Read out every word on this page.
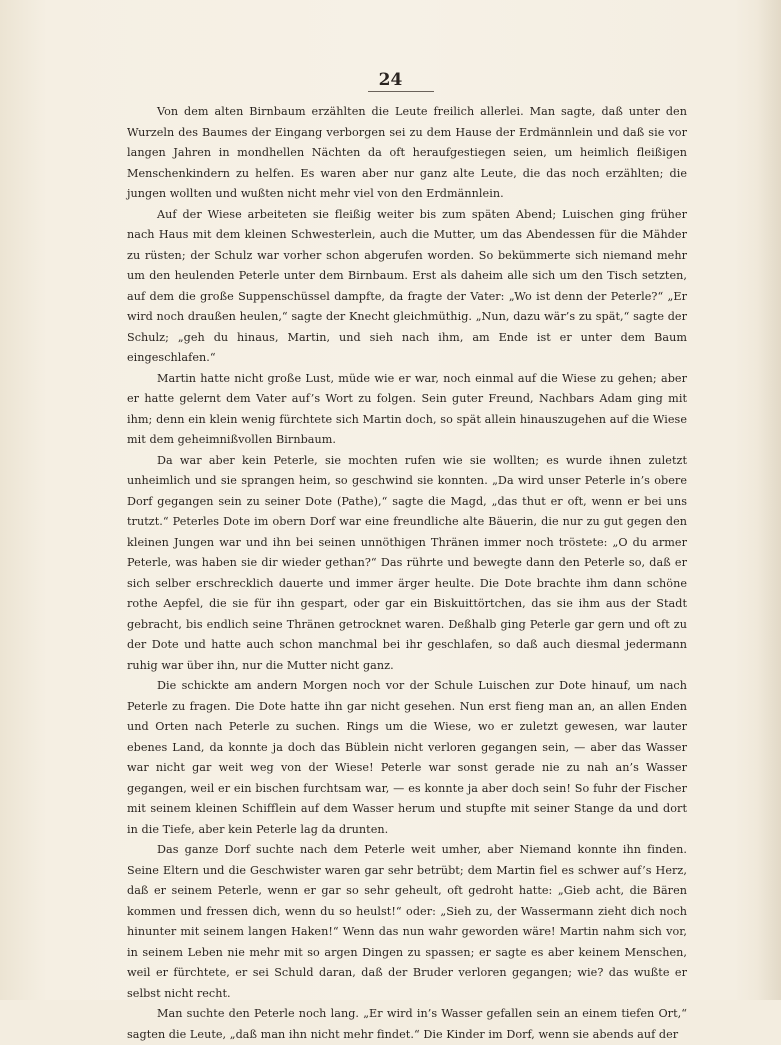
24

Von dem alten Birnbaum erzählten die Leute freilich allerlei. Man sagte, daß unter den Wurzeln des Baumes der Eingang verborgen sei zu dem Hause der Erdmännlein und daß sie vor langen Jahren in mondhellen Nächten da oft heraufgestiegen seien, um heimlich fleißigen Menschenkindern zu helfen. Es waren aber nur ganz alte Leute, die das noch erzählten; die jungen wollten und wußten nicht mehr viel von den Erdmännlein.

Auf der Wiese arbeiteten sie fleißig weiter bis zum späten Abend; Luischen ging früher nach Haus mit dem kleinen Schwesterlein, auch die Mutter, um das Abendessen für die Mähder zu rüsten; der Schulz war vorher schon abgerufen worden. So bekümmerte sich niemand mehr um den heulenden Peterle unter dem Birnbaum. Erst als daheim alle sich um den Tisch setzten, auf dem die große Suppenschüssel dampfte, da fragte der Vater: „Wo ist denn der Peterle?“ „Er wird noch draußen heulen,“ sagte der Knecht gleichmüthig. „Nun, dazu wär’s zu spät,“ sagte der Schulz; „geh du hinaus, Martin, und sieh nach ihm, am Ende ist er unter dem Baum eingeschlafen.“

Martin hatte nicht große Lust, müde wie er war, noch einmal auf die Wiese zu gehen; aber er hatte gelernt dem Vater auf’s Wort zu folgen. Sein guter Freund, Nachbars Adam ging mit ihm; denn ein klein wenig fürchtete sich Martin doch, so spät allein hinauszugehen auf die Wiese mit dem geheimnißvollen Birnbaum.

Da war aber kein Peterle, sie mochten rufen wie sie wollten; es wurde ihnen zuletzt unheimlich und sie sprangen heim, so geschwind sie konnten. „Da wird unser Peterle in’s obere Dorf gegangen sein zu seiner Dote (Pathe),“ sagte die Magd, „das thut er oft, wenn er bei uns trutzt.“ Peterles Dote im obern Dorf war eine freundliche alte Bäuerin, die nur zu gut gegen den kleinen Jungen war und ihn bei seinen unnöthigen Thränen immer noch tröstete: „O du armer Peterle, was haben sie dir wieder gethan?“ Das rührte und bewegte dann den Peterle so, daß er sich selber erschrecklich dauerte und immer ärger heulte. Die Dote brachte ihm dann schöne rothe Aepfel, die sie für ihn gespart, oder gar ein Biskuittörtchen, das sie ihm aus der Stadt gebracht, bis endlich seine Thränen getrocknet waren. Deßhalb ging Peterle gar gern und oft zu der Dote und hatte auch schon manchmal bei ihr geschlafen, so daß auch diesmal jedermann ruhig war über ihn, nur die Mutter nicht ganz.

Die schickte am andern Morgen noch vor der Schule Luischen zur Dote hinauf, um nach Peterle zu fragen. Die Dote hatte ihn gar nicht gesehen. Nun erst fieng man an, an allen Enden und Orten nach Peterle zu suchen. Rings um die Wiese, wo er zuletzt gewesen, war lauter ebenes Land, da konnte ja doch das Büblein nicht verloren gegangen sein, — aber das Wasser war nicht gar weit weg von der Wiese! Peterle war sonst gerade nie zu nah an’s Wasser gegangen, weil er ein bischen furchtsam war, — es konnte ja aber doch sein! So fuhr der Fischer mit seinem kleinen Schifflein auf dem Wasser herum und stupfte mit seiner Stange da und dort in die Tiefe, aber kein Peterle lag da drunten.

Das ganze Dorf suchte nach dem Peterle weit umher, aber Niemand konnte ihn finden. Seine Eltern und die Geschwister waren gar sehr betrübt; dem Martin fiel es schwer auf’s Herz, daß er seinem Peterle, wenn er gar so sehr geheult, oft gedroht hatte: „Gieb acht, die Bären kommen und fressen dich, wenn du so heulst!“ oder: „Sieh zu, der Wassermann zieht dich noch hinunter mit seinem langen Haken!“ Wenn das nun wahr geworden wäre! Martin nahm sich vor, in seinem Leben nie mehr mit so argen Dingen zu spassen; er sagte es aber keinem Menschen, weil er fürchtete, er sei Schuld daran, daß der Bruder verloren gegangen; wie? das wußte er selbst nicht recht.

Man suchte den Peterle noch lang. „Er wird in’s Wasser gefallen sein an einem tiefen Ort,“ sagten die Leute, „daß man ihn nicht mehr findet.“ Die Kinder im Dorf, wenn sie abends auf der
